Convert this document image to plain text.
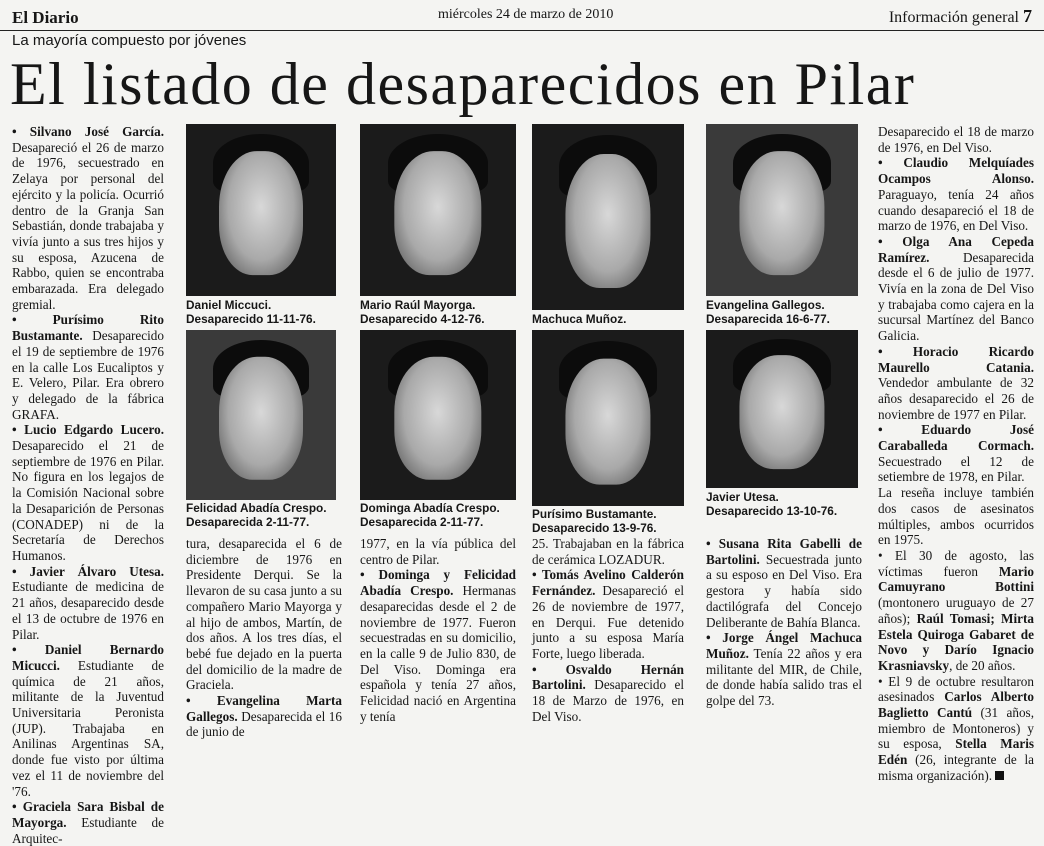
El Diario	miércoles 24 de marzo de 2010	Información general 7
La mayoría compuesto por jóvenes
El listado de desaparecidos en Pilar

• Silvano José García. Desapareció el 26 de marzo de 1976, secuestrado en Zelaya por personal del ejército y la policía. Ocurrió dentro de la Granja San Sebastián, donde trabajaba y vivía junto a sus tres hijos y su esposa, Azucena de Rabbo, quien se encontraba embarazada. Era delegado gremial.

• Purísimo Rito Bustamante. Desaparecido el 19 de septiembre de 1976 en la calle Los Eucaliptos y E. Velero, Pilar. Era obrero y delegado de la fábrica GRAFA.

• Lucio Edgardo Lucero. Desaparecido el 21 de septiembre de 1976 en Pilar. No figura en los legajos de la Comisión Nacional sobre la Desaparición de Personas (CONADEP) ni de la Secretaría de Derechos Humanos.

• Javier Álvaro Utesa. Estudiante de medicina de 21 años, desaparecido desde el 13 de octubre de 1976 en Pilar.

• Daniel Bernardo Micucci. Estudiante de química de 21 años, militante de la Juventud Universitaria Peronista (JUP). Trabajaba en Anilinas Argentinas SA, donde fue visto por última vez el 11 de noviembre del '76.

• Graciela Sara Bisbal de Mayorga. Estudiante de Arquitec-

Daniel Miccuci.
Desaparecido 11-11-76.
Mario Raúl Mayorga.
Desaparecido 4-12-76.	Machuca Muñoz.
Evangelina Gallegos.
Desaparecida 16-6-77.
Felicidad Abadía Crespo.
Desaparecida 2-11-77.
Dominga Abadía Crespo.
Desaparecida 2-11-77.
Purísimo Bustamante.
Desaparecido 13-9-76.
Javier Utesa.
Desaparecido 13-10-76.

tura, desaparecida el 6 de diciembre de 1976 en Presidente Derqui. Se la llevaron de su casa junto a su compañero Mario Mayorga y al hijo de ambos, Martín, de dos años. A los tres días, el bebé fue dejado en la puerta del domicilio de la madre de Graciela.

• Evangelina Marta Gallegos. Desaparecida el 16 de junio de

1977, en la vía pública del centro de Pilar.

• Dominga y Felicidad Abadía Crespo. Hermanas desaparecidas desde el 2 de noviembre de 1977. Fueron secuestradas en su domicilio, en la calle 9 de Julio 830, de Del Viso. Dominga era española y tenía 27 años, Felicidad nació en Argentina y tenía

25. Trabajaban en la fábrica de cerámica LOZADUR.

• Tomás Avelino Calderón Fernández. Desapareció el 26 de noviembre de 1977, en Derqui. Fue detenido junto a su esposa María Forte, luego liberada.

• Osvaldo Hernán Bartolini. Desaparecido el 18 de Marzo de 1976, en Del Viso.

• Susana Rita Gabelli de Bartolini. Secuestrada junto a su esposo en Del Viso. Era gestora y había sido dactilógrafa del Concejo Deliberante de Bahía Blanca.

• Jorge Ángel Machuca Muñoz. Tenía 22 años y era militante del MIR, de Chile, de donde había salido tras el golpe del 73.

Desaparecido el 18 de marzo de 1976, en Del Viso.

• Claudio Melquíades Ocampos Alonso. Paraguayo, tenía 24 años cuando desapareció el 18 de marzo de 1976, en Del Viso.

• Olga Ana Cepeda Ramírez. Desaparecida desde el 6 de julio de 1977. Vivía en la zona de Del Viso y trabajaba como cajera en la sucursal Martínez del Banco Galicia.

• Horacio Ricardo Maurello Catania. Vendedor ambulante de 32 años desaparecido el 26 de noviembre de 1977 en Pilar.

• Eduardo José Caraballeda Cormach. Secuestrado el 12 de setiembre de 1978, en Pilar.

La reseña incluye también dos casos de asesinatos múltiples, ambos ocurridos en 1975.

• El 30 de agosto, las víctimas fueron Mario Camuyrano Bottini (montonero uruguayo de 27 años); Raúl Tomasi; Mirta Estela Quiroga Gabaret de Novo y Darío Ignacio Krasniavsky, de 20 años.

• El 9 de octubre resultaron asesinados Carlos Alberto Baglietto Cantú (31 años, miembro de Montoneros) y su esposa, Stella Maris Edén (26, integrante de la misma organización).
